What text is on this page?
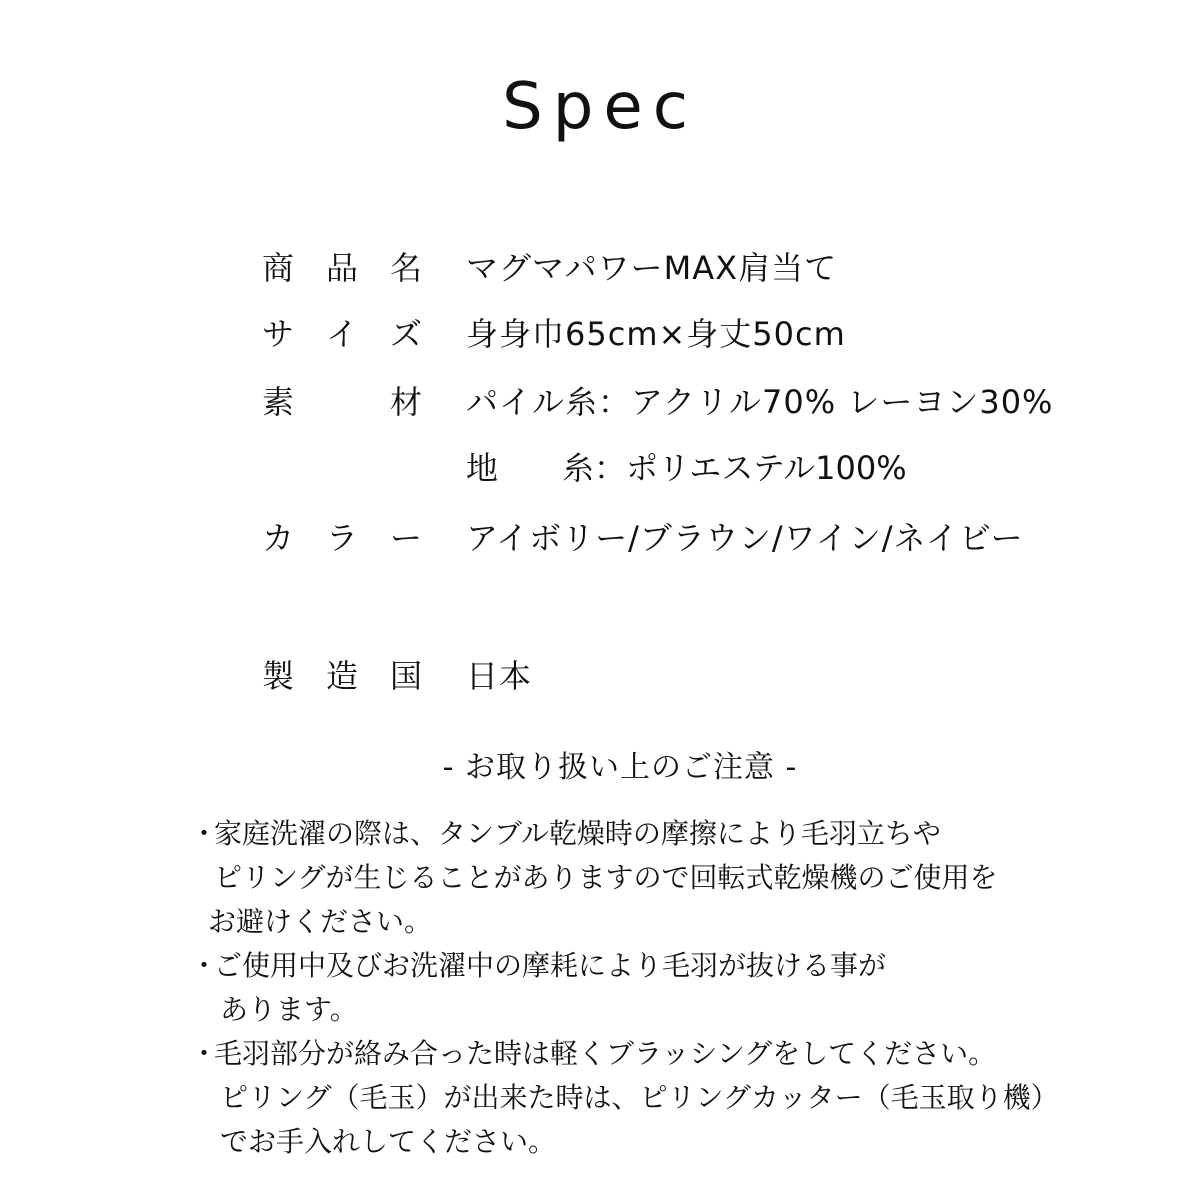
Spec
商 品 名 マグマパワーMAX肩当て
サ イ ズ 身身巾65cm×身丈50cm
素	材 パイル糸：アクリル70% レーヨン30%
地　　糸：ポリエステル100%
カ ラ ー アイボリー/ブラウン/ワイン/ネイビー
製 造 国 日本
- お取り扱い上のご注意 -
・
家庭洗濯の際は、タンブル乾燥時の摩擦により毛羽立ちや
ピリングが生じることがありますので回転式乾燥機のご使用を
お避けください。
・
ご使用中及びお洗濯中の摩耗により毛羽が抜ける事が
あります。
・
毛羽部分が絡み合った時は軽くブラッシングをしてください。
ピリング（毛玉）が出来た時は、ピリングカッター（毛玉取り機）
でお手入れしてください。
